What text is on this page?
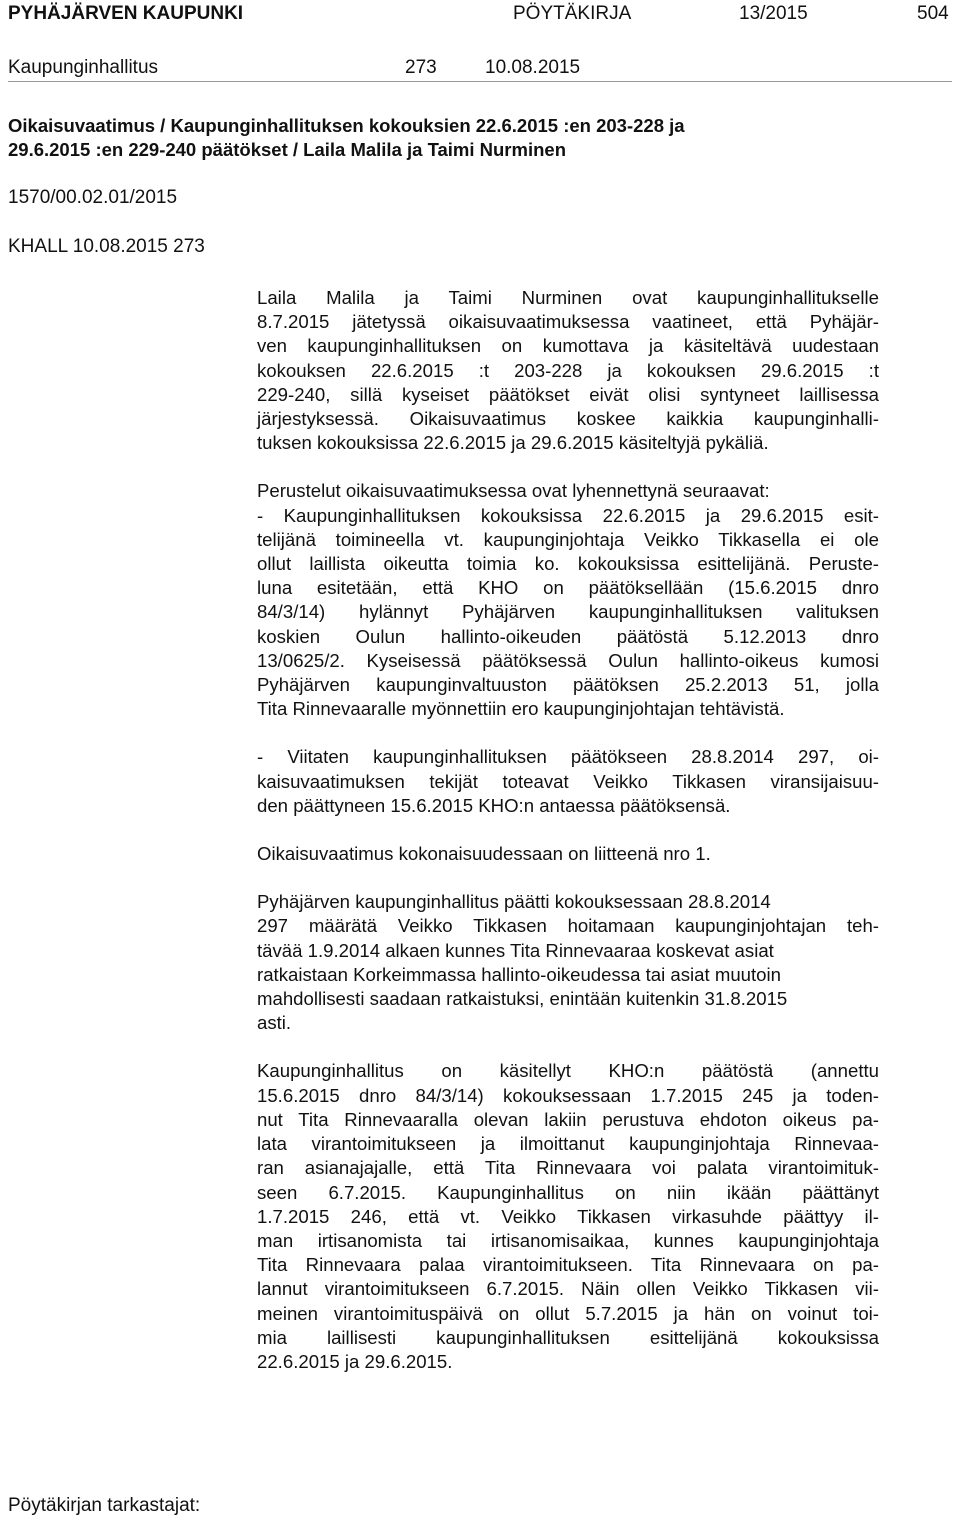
PYHÄJÄRVEN KAUPUNKI	PÖYTÄKIRJA	13/2015	504
Kaupunginhallitus	273	10.08.2015
Oikaisuvaatimus / Kaupunginhallituksen kokouksien 22.6.2015 :en 203-228 ja
29.6.2015 :en 229-240 päätökset / Laila Malila ja Taimi Nurminen
1570/00.02.01/2015
KHALL 10.08.2015 273
Laila Malila ja Taimi Nurminen ovat kaupunginhallitukselle
8.7.2015 jätetyssä oikaisuvaatimuksessa vaatineet, että Pyhäjär-
ven kaupunginhallituksen on kumottava ja käsiteltävä uudestaan
kokouksen 22.6.2015 :t 203-228 ja kokouksen 29.6.2015 :t
229-240, sillä kyseiset päätökset eivät olisi syntyneet laillisessa
järjestyksessä. Oikaisuvaatimus koskee kaikkia kaupunginhalli-
tuksen kokouksissa 22.6.2015 ja 29.6.2015 käsiteltyjä pykäliä.
Perustelut oikaisuvaatimuksessa ovat lyhennettynä seuraavat:
- Kaupunginhallituksen kokouksissa 22.6.2015 ja 29.6.2015 esit-
telijänä toimineella vt. kaupunginjohtaja Veikko Tikkasella ei ole
ollut laillista oikeutta toimia ko. kokouksissa esittelijänä. Peruste-
luna esitetään, että KHO on päätöksellään (15.6.2015 dnro
84/3/14) hylännyt Pyhäjärven kaupunginhallituksen valituksen
koskien Oulun hallinto-oikeuden päätöstä 5.12.2013 dnro
13/0625/2. Kyseisessä päätöksessä Oulun hallinto-oikeus kumosi
Pyhäjärven kaupunginvaltuuston päätöksen 25.2.2013 51, jolla
Tita Rinnevaaralle myönnettiin ero kaupunginjohtajan tehtävistä.
- Viitaten kaupunginhallituksen päätökseen 28.8.2014 297, oi-
kaisuvaatimuksen tekijät toteavat Veikko Tikkasen viransijaisuu-
den päättyneen 15.6.2015 KHO:n antaessa päätöksensä.
Oikaisuvaatimus kokonaisuudessaan on liitteenä nro 1.
Pyhäjärven kaupunginhallitus päätti kokouksessaan 28.8.2014
297 määrätä Veikko Tikkasen hoitamaan kaupunginjohtajan teh-
tävää 1.9.2014 alkaen kunnes Tita Rinnevaaraa koskevat asiat
ratkaistaan Korkeimmassa hallinto-oikeudessa tai asiat muutoin
mahdollisesti saadaan ratkaistuksi, enintään kuitenkin 31.8.2015
asti.
Kaupunginhallitus on käsitellyt KHO:n päätöstä (annettu
15.6.2015 dnro 84/3/14) kokouksessaan 1.7.2015 245 ja toden-
nut Tita Rinnevaaralla olevan lakiin perustuva ehdoton oikeus pa-
lata virantoimitukseen ja ilmoittanut kaupunginjohtaja Rinnevaa-
ran asianajajalle, että Tita Rinnevaara voi palata virantoimituk-
seen 6.7.2015. Kaupunginhallitus on niin ikään päättänyt
1.7.2015 246, että vt. Veikko Tikkasen virkasuhde päättyy il-
man irtisanomista tai irtisanomisaikaa, kunnes kaupunginjohtaja
Tita Rinnevaara palaa virantoimitukseen. Tita Rinnevaara on pa-
lannut virantoimitukseen 6.7.2015. Näin ollen Veikko Tikkasen vii-
meinen virantoimituspäivä on ollut 5.7.2015 ja hän on voinut toi-
mia laillisesti kaupunginhallituksen esittelijänä kokouksissa
22.6.2015 ja 29.6.2015.
Pöytäkirjan tarkastajat:
